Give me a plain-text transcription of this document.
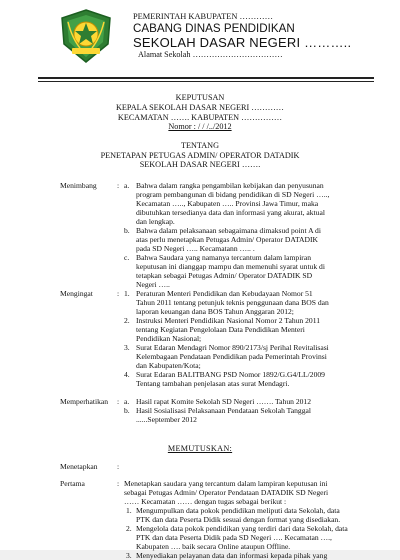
PEMERINTAH KABUPATEN …………
CABANG DINAS PENDIDIKAN
SEKOLAH DASAR NEGERI ………..
Alamat Sekolah ……………………………
KEPUTUSAN
KEPALA SEKOLAH DASAR NEGERI …………
KECAMATAN ……. KABUPATEN ……………
Nomor : / / /../2012
TENTANG
PENETAPAN PETUGAS ADMIN/ OPERATOR DATADIK
SEKOLAH DASAR NEGERI …….
Menimbang	: a. Bahwa dalam rangka pengambilan kebijakan dan penyusunan
program pembangunan di bidang pendidikan di SD Negeri …..,
Kecamatan ….., Kabupaten ….. Provinsi Jawa Timur, maka
dibutuhkan tersedianya data dan informasi yang akurat, aktual
dan lengkap.
b. Bahwa dalam pelaksanaan sebagaimana dimaksud point A di
atas perlu menetapkan Petugas Admin/ Operator DATADIK
pada SD Negeri ….. Kecamatann ….. .
c. Bahwa Saudara yang namanya tercantum dalam lampiran
keputusan ini dianggap mampu dan memenuhi syarat untuk di
tetapkan sebagai Petugas Admin/ Operator DATADIK SD
Negeri …..
Mengingat	: 1. Peraturan Menteri Pendidikan dan Kebudayaan Nomor 51
Tahun 2011 tentang petunjuk teknis penggunaan dana BOS dan
laporan keuangan dana BOS Tahun Anggaran 2012;
2. Instruksi Menteri Pendidikan Nasional Nomor 2 Tahun 2011
tentang Kegiatan Pengelolaan Data Pendidikan Menteri
Pendidikan Nasional;
3. Surat Edaran Mendagri Nomor 890/2173/sj Perihal Revitalisasi
Kelembagaan Pendataan Pendidikan pada Pemerintah Provinsi
dan Kabupaten/Kota;
4. Surat Edaran BALITBANG PSD Nomor 1892/G.G4/LL/2009
Tentang tambahan penjelasan atas surat Mendagri.
Memperhatikan : a. Hasil rapat Komite Sekolah SD Negeri ……. Tahun 2012
b. Hasil Sosialisasi Pelaksanaan Pendataan Sekolah Tanggal
......September 2012
MEMUTUSKAN:
Menetapkan	:
Pertama	: Menetapkan saudara yang tercantum dalam lampiran keputusan ini
sebagai Petugas Admin/ Operator Pendataan DATADIK SD Negeri
…… Kecamatan …… dengan tugas sebagai berikut :
1. Mengumpulkan data pokok pendidikan meliputi data Sekolah, data
PTK dan data Peserta Didik sesuai dengan format yang disediakan.
2. Mengelola data pokok pendidikan yang terdiri dari data Sekolah, data
PTK dan data Peserta Didik pada SD Negeri …. Kecamatan ….,
Kabupaten …. baik secara Online ataupun Offline.
3. Menyediakan pelayanan data dan informasi kepada pihak yang
